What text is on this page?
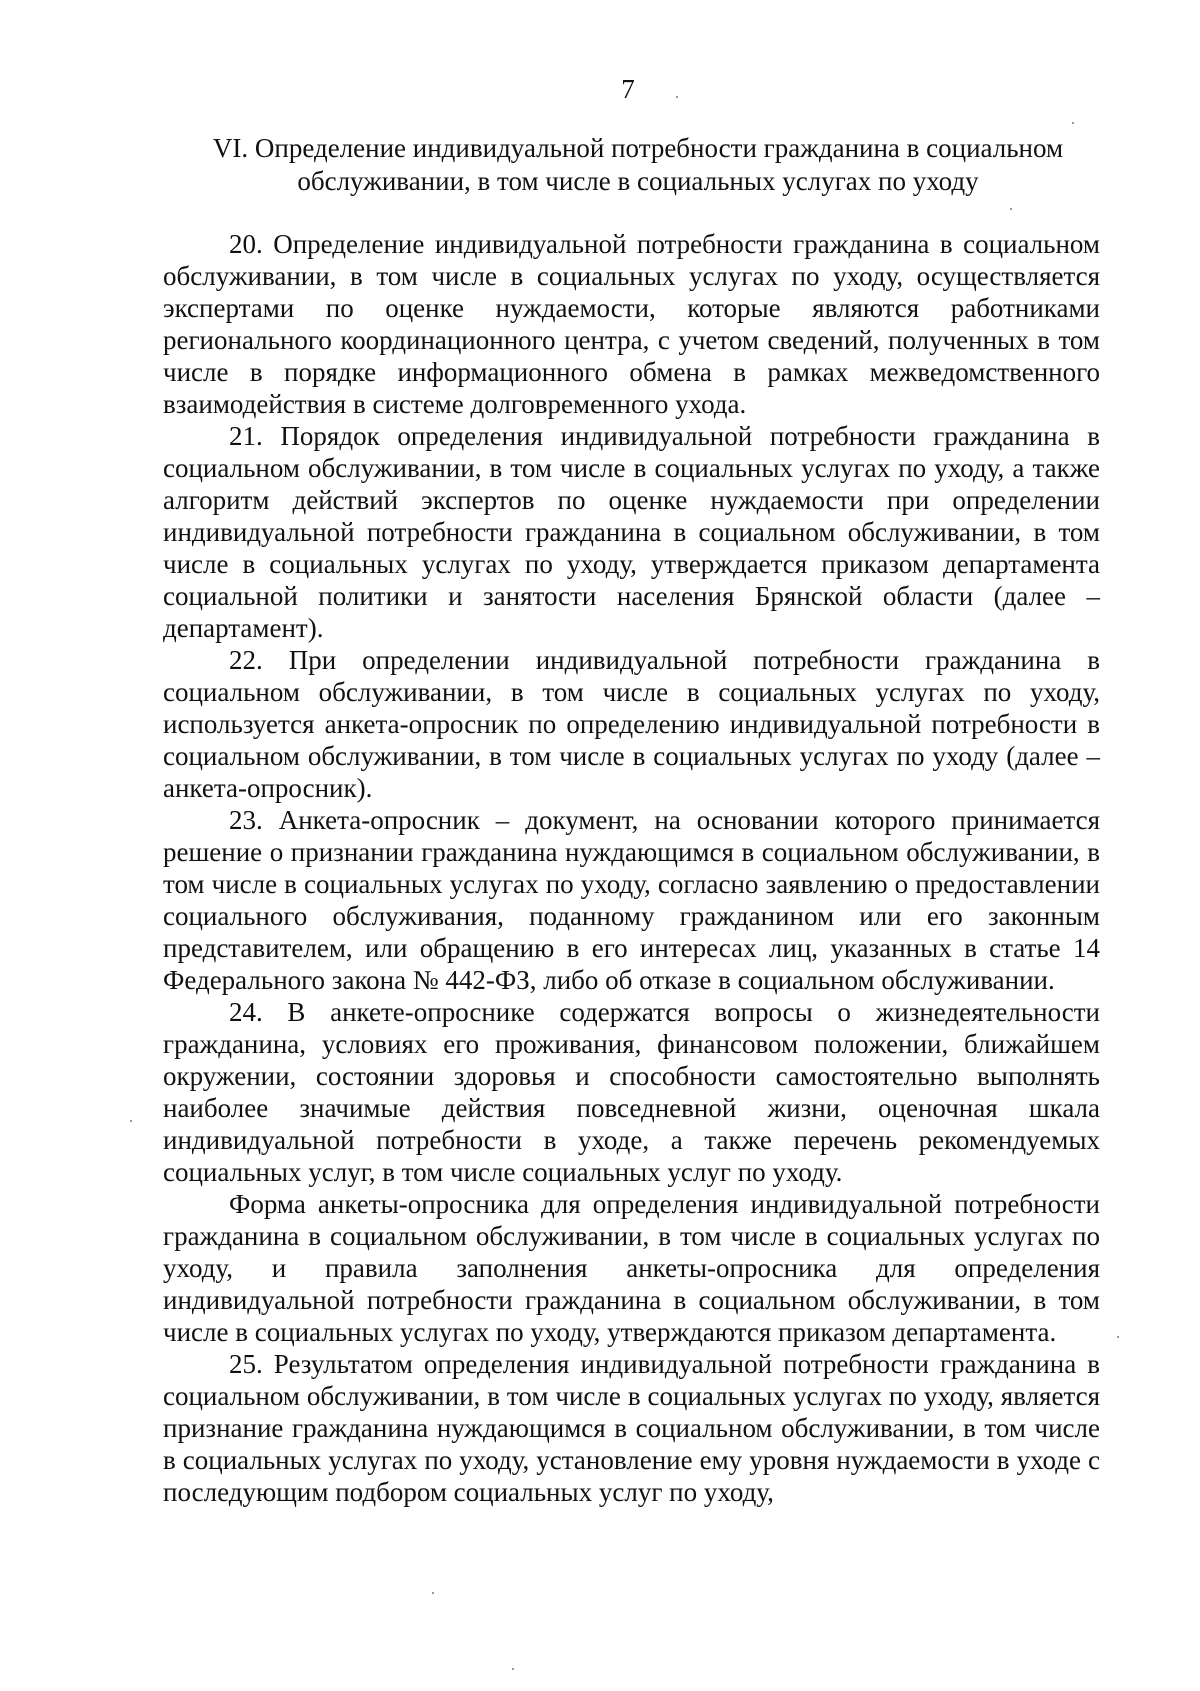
7
VI. Определение индивидуальной потребности гражданина в социальном
обслуживании, в том числе в социальных услугах по уходу

20. Определение индивидуальной потребности гражданина в социальном обслуживании, в том числе в социальных услугах по уходу, осуществляется экспертами по оценке нуждаемости, которые являются работниками регионального координационного центра, с учетом сведений, полученных в том числе в порядке информационного обмена в рамках межведомственного взаимодействия в системе долговременного ухода.

21. Порядок определения индивидуальной потребности гражданина в социальном обслуживании, в том числе в социальных услугах по уходу, а также алгоритм действий экспертов по оценке нуждаемости при определении индивидуальной потребности гражданина в социальном обслуживании, в том числе в социальных услугах по уходу, утверждается приказом департамента социальной политики и занятости населения Брянской области (далее – департамент).

22. При определении индивидуальной потребности гражданина в социальном обслуживании, в том числе в социальных услугах по уходу, используется анкета-опросник по определению индивидуальной потребности в социальном обслуживании, в том числе в социальных услугах по уходу (далее – анкета-опросник).

23. Анкета-опросник – документ, на основании которого принимается решение о признании гражданина нуждающимся в социальном обслуживании, в том числе в социальных услугах по уходу, согласно заявлению о предоставлении социального обслуживания, поданному гражданином или его законным представителем, или обращению в его интересах лиц, указанных в статье 14 Федерального закона № 442-ФЗ, либо об отказе в социальном обслуживании.

24. В анкете-опроснике содержатся вопросы о жизнедеятельности гражданина, условиях его проживания, финансовом положении, ближайшем окружении, состоянии здоровья и способности самостоятельно выполнять наиболее значимые действия повседневной жизни, оценочная шкала индивидуальной потребности в уходе, а также перечень рекомендуемых социальных услуг, в том числе социальных услуг по уходу.

Форма анкеты-опросника для определения индивидуальной потребности гражданина в социальном обслуживании, в том числе в социальных услугах по уходу, и правила заполнения анкеты-опросника для определения индивидуальной потребности гражданина в социальном обслуживании, в том числе в социальных услугах по уходу, утверждаются приказом департамента.

25. Результатом определения индивидуальной потребности гражданина в социальном обслуживании, в том числе в социальных услугах по уходу, является признание гражданина нуждающимся в социальном обслуживании, в том числе в социальных услугах по уходу, установление ему уровня нуждаемости в уходе с последующим подбором социальных услуг по уходу,
